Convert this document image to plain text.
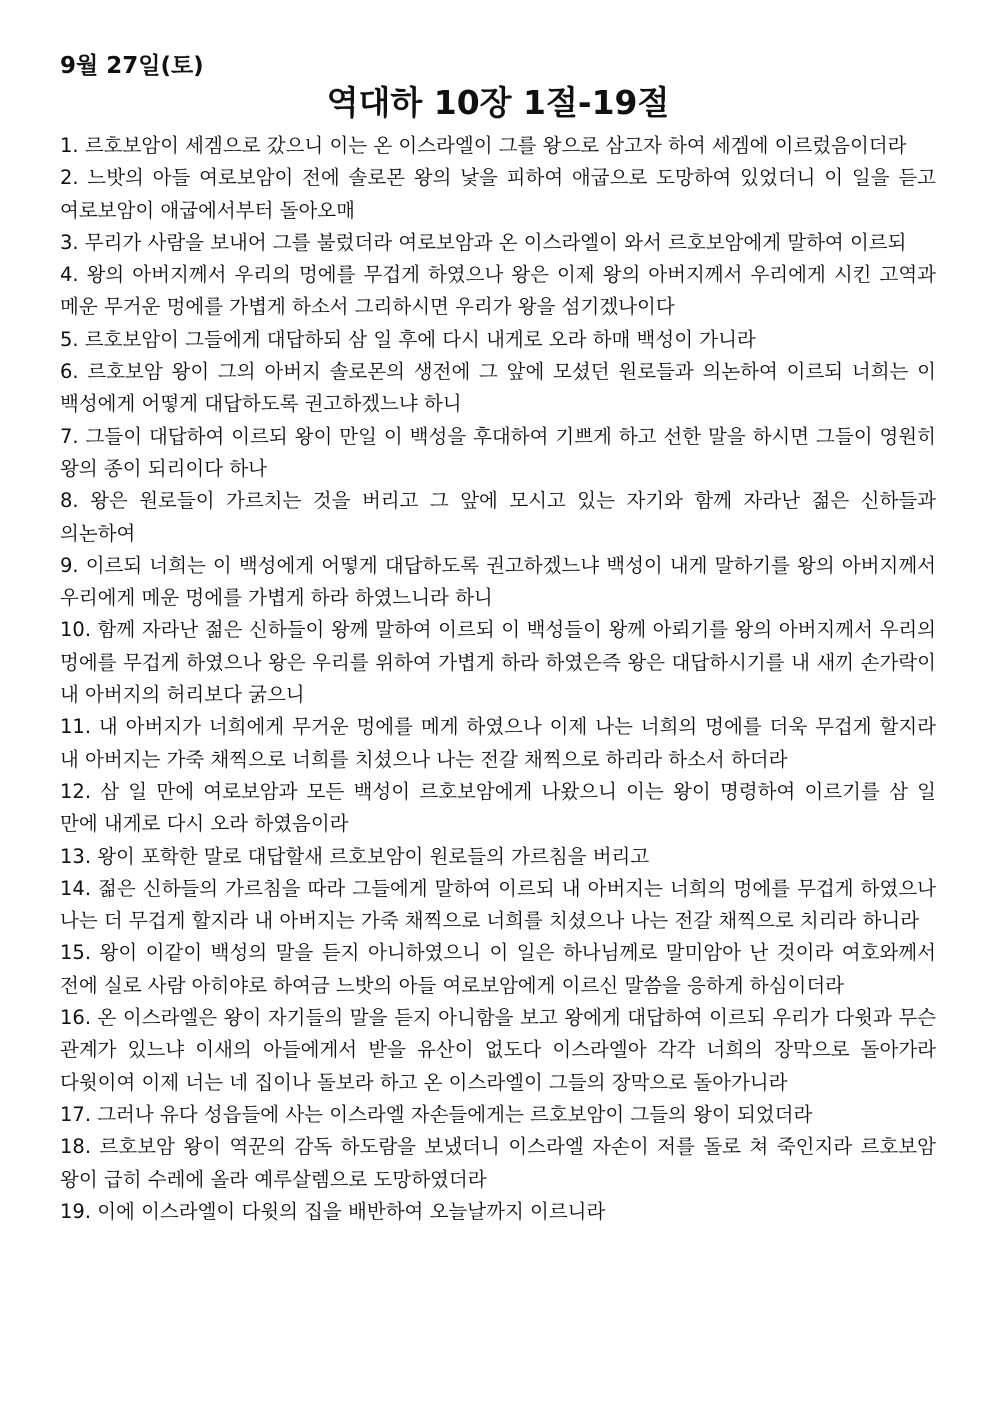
9월 27일(토)
역대하 10장 1절-19절

1. 르호보암이 세겜으로 갔으니 이는 온 이스라엘이 그를 왕으로 삼고자 하여 세겜에 이르렀음이더라

2. 느밧의 아들 여로보암이 전에 솔로몬 왕의 낯을 피하여 애굽으로 도망하여 있었더니 이 일을 듣고 여로보암이 애굽에서부터 돌아오매

3. 무리가 사람을 보내어 그를 불렀더라 여로보암과 온 이스라엘이 와서 르호보암에게 말하여 이르되

4. 왕의 아버지께서 우리의 멍에를 무겁게 하였으나 왕은 이제 왕의 아버지께서 우리에게 시킨 고역과 메운 무거운 멍에를 가볍게 하소서 그리하시면 우리가 왕을 섬기겠나이다

5. 르호보암이 그들에게 대답하되 삼 일 후에 다시 내게로 오라 하매 백성이 가니라

6. 르호보암 왕이 그의 아버지 솔로몬의 생전에 그 앞에 모셨던 원로들과 의논하여 이르되 너희는 이 백성에게 어떻게 대답하도록 권고하겠느냐 하니

7. 그들이 대답하여 이르되 왕이 만일 이 백성을 후대하여 기쁘게 하고 선한 말을 하시면 그들이 영원히 왕의 종이 되리이다 하나

8. 왕은 원로들이 가르치는 것을 버리고 그 앞에 모시고 있는 자기와 함께 자라난 젊은 신하들과 의논하여

9. 이르되 너희는 이 백성에게 어떻게 대답하도록 권고하겠느냐 백성이 내게 말하기를 왕의 아버지께서 우리에게 메운 멍에를 가볍게 하라 하였느니라 하니

10. 함께 자라난 젊은 신하들이 왕께 말하여 이르되 이 백성들이 왕께 아뢰기를 왕의 아버지께서 우리의 멍에를 무겁게 하였으나 왕은 우리를 위하여 가볍게 하라 하였은즉 왕은 대답하시기를 내 새끼 손가락이 내 아버지의 허리보다 굵으니

11. 내 아버지가 너희에게 무거운 멍에를 메게 하였으나 이제 나는 너희의 멍에를 더욱 무겁게 할지라 내 아버지는 가죽 채찍으로 너희를 치셨으나 나는 전갈 채찍으로 하리라 하소서 하더라

12. 삼 일 만에 여로보암과 모든 백성이 르호보암에게 나왔으니 이는 왕이 명령하여 이르기를 삼 일 만에 내게로 다시 오라 하였음이라

13. 왕이 포학한 말로 대답할새 르호보암이 원로들의 가르침을 버리고

14. 젊은 신하들의 가르침을 따라 그들에게 말하여 이르되 내 아버지는 너희의 멍에를 무겁게 하였으나 나는 더 무겁게 할지라 내 아버지는 가죽 채찍으로 너희를 치셨으나 나는 전갈 채찍으로 치리라 하니라

15. 왕이 이같이 백성의 말을 듣지 아니하였으니 이 일은 하나님께로 말미암아 난 것이라 여호와께서 전에 실로 사람 아히야로 하여금 느밧의 아들 여로보암에게 이르신 말씀을 응하게 하심이더라

16. 온 이스라엘은 왕이 자기들의 말을 듣지 아니함을 보고 왕에게 대답하여 이르되 우리가 다윗과 무슨 관계가 있느냐 이새의 아들에게서 받을 유산이 없도다 이스라엘아 각각 너희의 장막으로 돌아가라 다윗이여 이제 너는 네 집이나 돌보라 하고 온 이스라엘이 그들의 장막으로 돌아가니라

17. 그러나 유다 성읍들에 사는 이스라엘 자손들에게는 르호보암이 그들의 왕이 되었더라

18. 르호보암 왕이 역꾼의 감독 하도람을 보냈더니 이스라엘 자손이 저를 돌로 쳐 죽인지라 르호보암 왕이 급히 수레에 올라 예루살렘으로 도망하였더라

19. 이에 이스라엘이 다윗의 집을 배반하여 오늘날까지 이르니라
